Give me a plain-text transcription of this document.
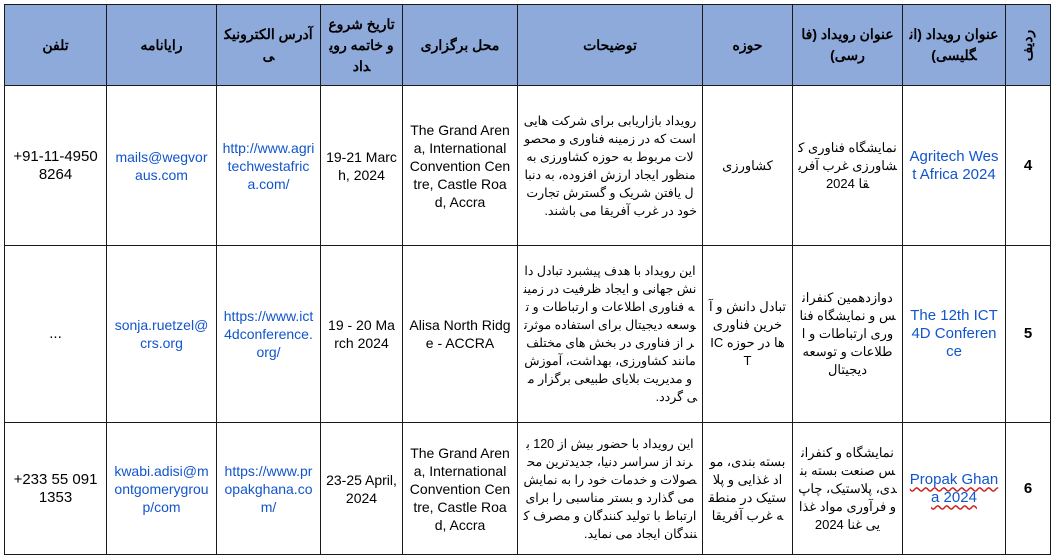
تلفن	رایانامه	آدرس الکترونیکی	تاریخ شروع و خاتمه رویداد	محل برگزاری	توضیحات	حوزه	عنوان رویداد (فارسی)	عنوان رویداد (انگلیسی)	ردیف
+91-11-49508264	mails@wegvoraus.com	http://www.agritechwestafrica.com/	19-21 March, 2024	The Grand Arena, International Convention Centre, Castle Road, Accra	رویداد بازاریابی برای شرکت هایی است که در زمینه فناوری و محصولات مربوط به حوزه کشاورزی به منظور ایجاد ارزش افزوده، به دنبال یافتن شریک و گسترش تجارت خود در غرب آفریقا می باشند.	کشاورزی	نمایشگاه فناوری کشاورزی غرب آفریقا 2024	Agritech West Africa 2024	4
...	sonja.ruetzel@crs.org	https://www.ict4dconference.org/	19 - 20 March 2024	Alisa North Ridge - ACCRA	این رویداد با هدف پیشبرد تبادل دانش جهانی و ایجاد ظرفیت در زمینه فناوری اطلاعات و ارتباطات و توسعه دیجیتال برای استفاده موثرتر از فناوری در بخش های مختلف مانند کشاورزی، بهداشت، آموزش و مدیریت بلایای طبیعی برگزار می گردد.	تبادل دانش و آخرین فناوری ها در حوزه ICT	دوازدهمین کنفرانس و نمایشگاه فناوری ارتباطات و اطلاعات و توسعه دیجیتال	The 12th ICT4D Conference	5
+233 55 0911353	kwabi.adisi@montgomerygroup/com	https://www.propakghana.com/	23-25 April, 2024	The Grand Arena, International Convention Centre, Castle Road, Accra	این رویداد با حضور بیش از 120 برند از سراسر دنیا، جدیدترین محصولات و خدمات خود را به نمایش می گذارد و بستر مناسبی را برای ارتباط با تولید کنندگان و مصرف کنندگان ایجاد می نماید.	بسته بندی، مواد غذایی و پلاستیک در منطقه غرب آفریقا	نمایشگاه و کنفرانس صنعت بسته بندی، پلاستیک، چاپ و فرآوری مواد غذایی غنا 2024	Propak Ghana 2024	6
